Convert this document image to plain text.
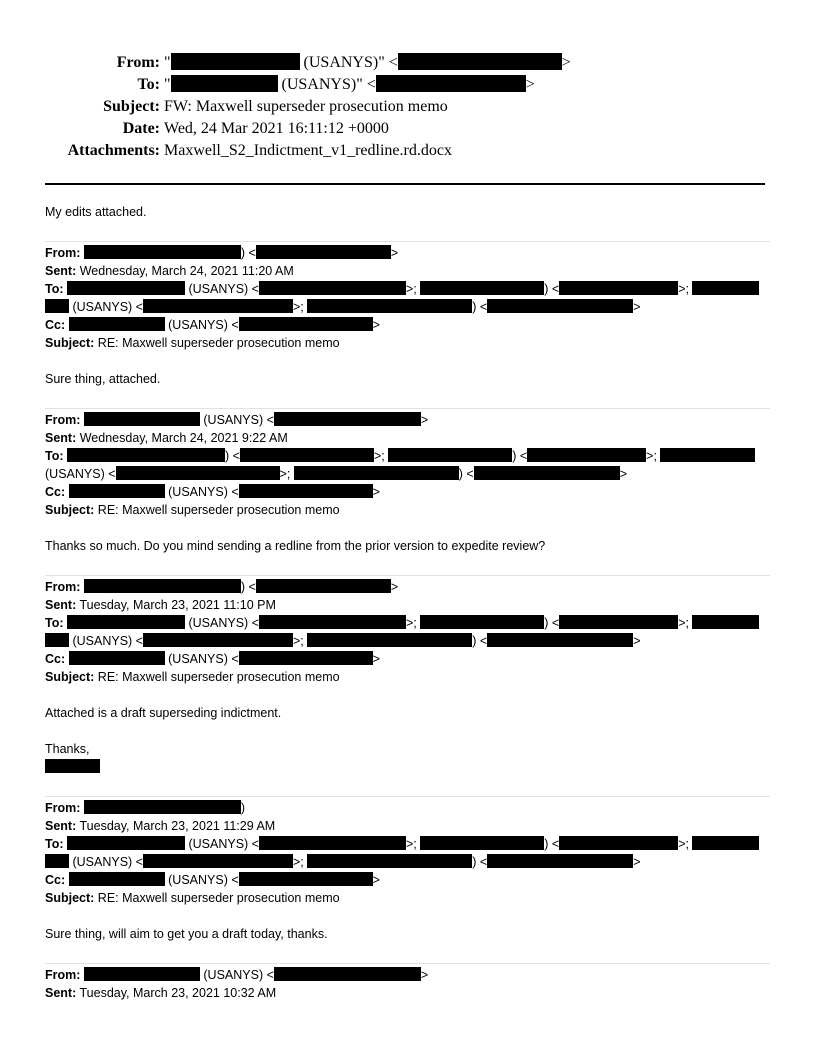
From: "	(USANYS)" <	>
To: "	(USANYS)" <	>
Subject: FW: Maxwell superseder prosecution memo
Date: Wed, 24 Mar 2021 16:11:12 +0000
Attachments: Maxwell_S2_Indictment_v1_redline.rd.docx
My edits attached.
From:	) <	>
Sent: Wednesday, March 24, 2021 11:20 AM
To:	(USANYS) <	>;	) <	>;
(USANYS) <	>;	) <	>
Cc:	(USANYS) <	>
Subject: RE: Maxwell superseder prosecution memo
Sure thing, attached.
From:	(USANYS) <	>
Sent: Wednesday, March 24, 2021 9:22 AM
To:	) <	>;	) <	>;
(USANYS) <	>;	) <	>
Cc:	(USANYS) <	>
Subject: RE: Maxwell superseder prosecution memo
Thanks so much. Do you mind sending a redline from the prior version to expedite review?
From:	) <	>
Sent: Tuesday, March 23, 2021 11:10 PM
To:	(USANYS) <	>;	) <	>;
(USANYS) <	>;	) <	>
Cc:	(USANYS) <	>
Subject: RE: Maxwell superseder prosecution memo
Attached is a draft superseding indictment.
Thanks,
From:	)
Sent: Tuesday, March 23, 2021 11:29 AM
To:	(USANYS) <	>;	) <	>;
(USANYS) <	>;	) <	>
Cc:	(USANYS) <	>
Subject: RE: Maxwell superseder prosecution memo
Sure thing, will aim to get you a draft today, thanks.
From:	(USANYS) <	>
Sent: Tuesday, March 23, 2021 10:32 AM
